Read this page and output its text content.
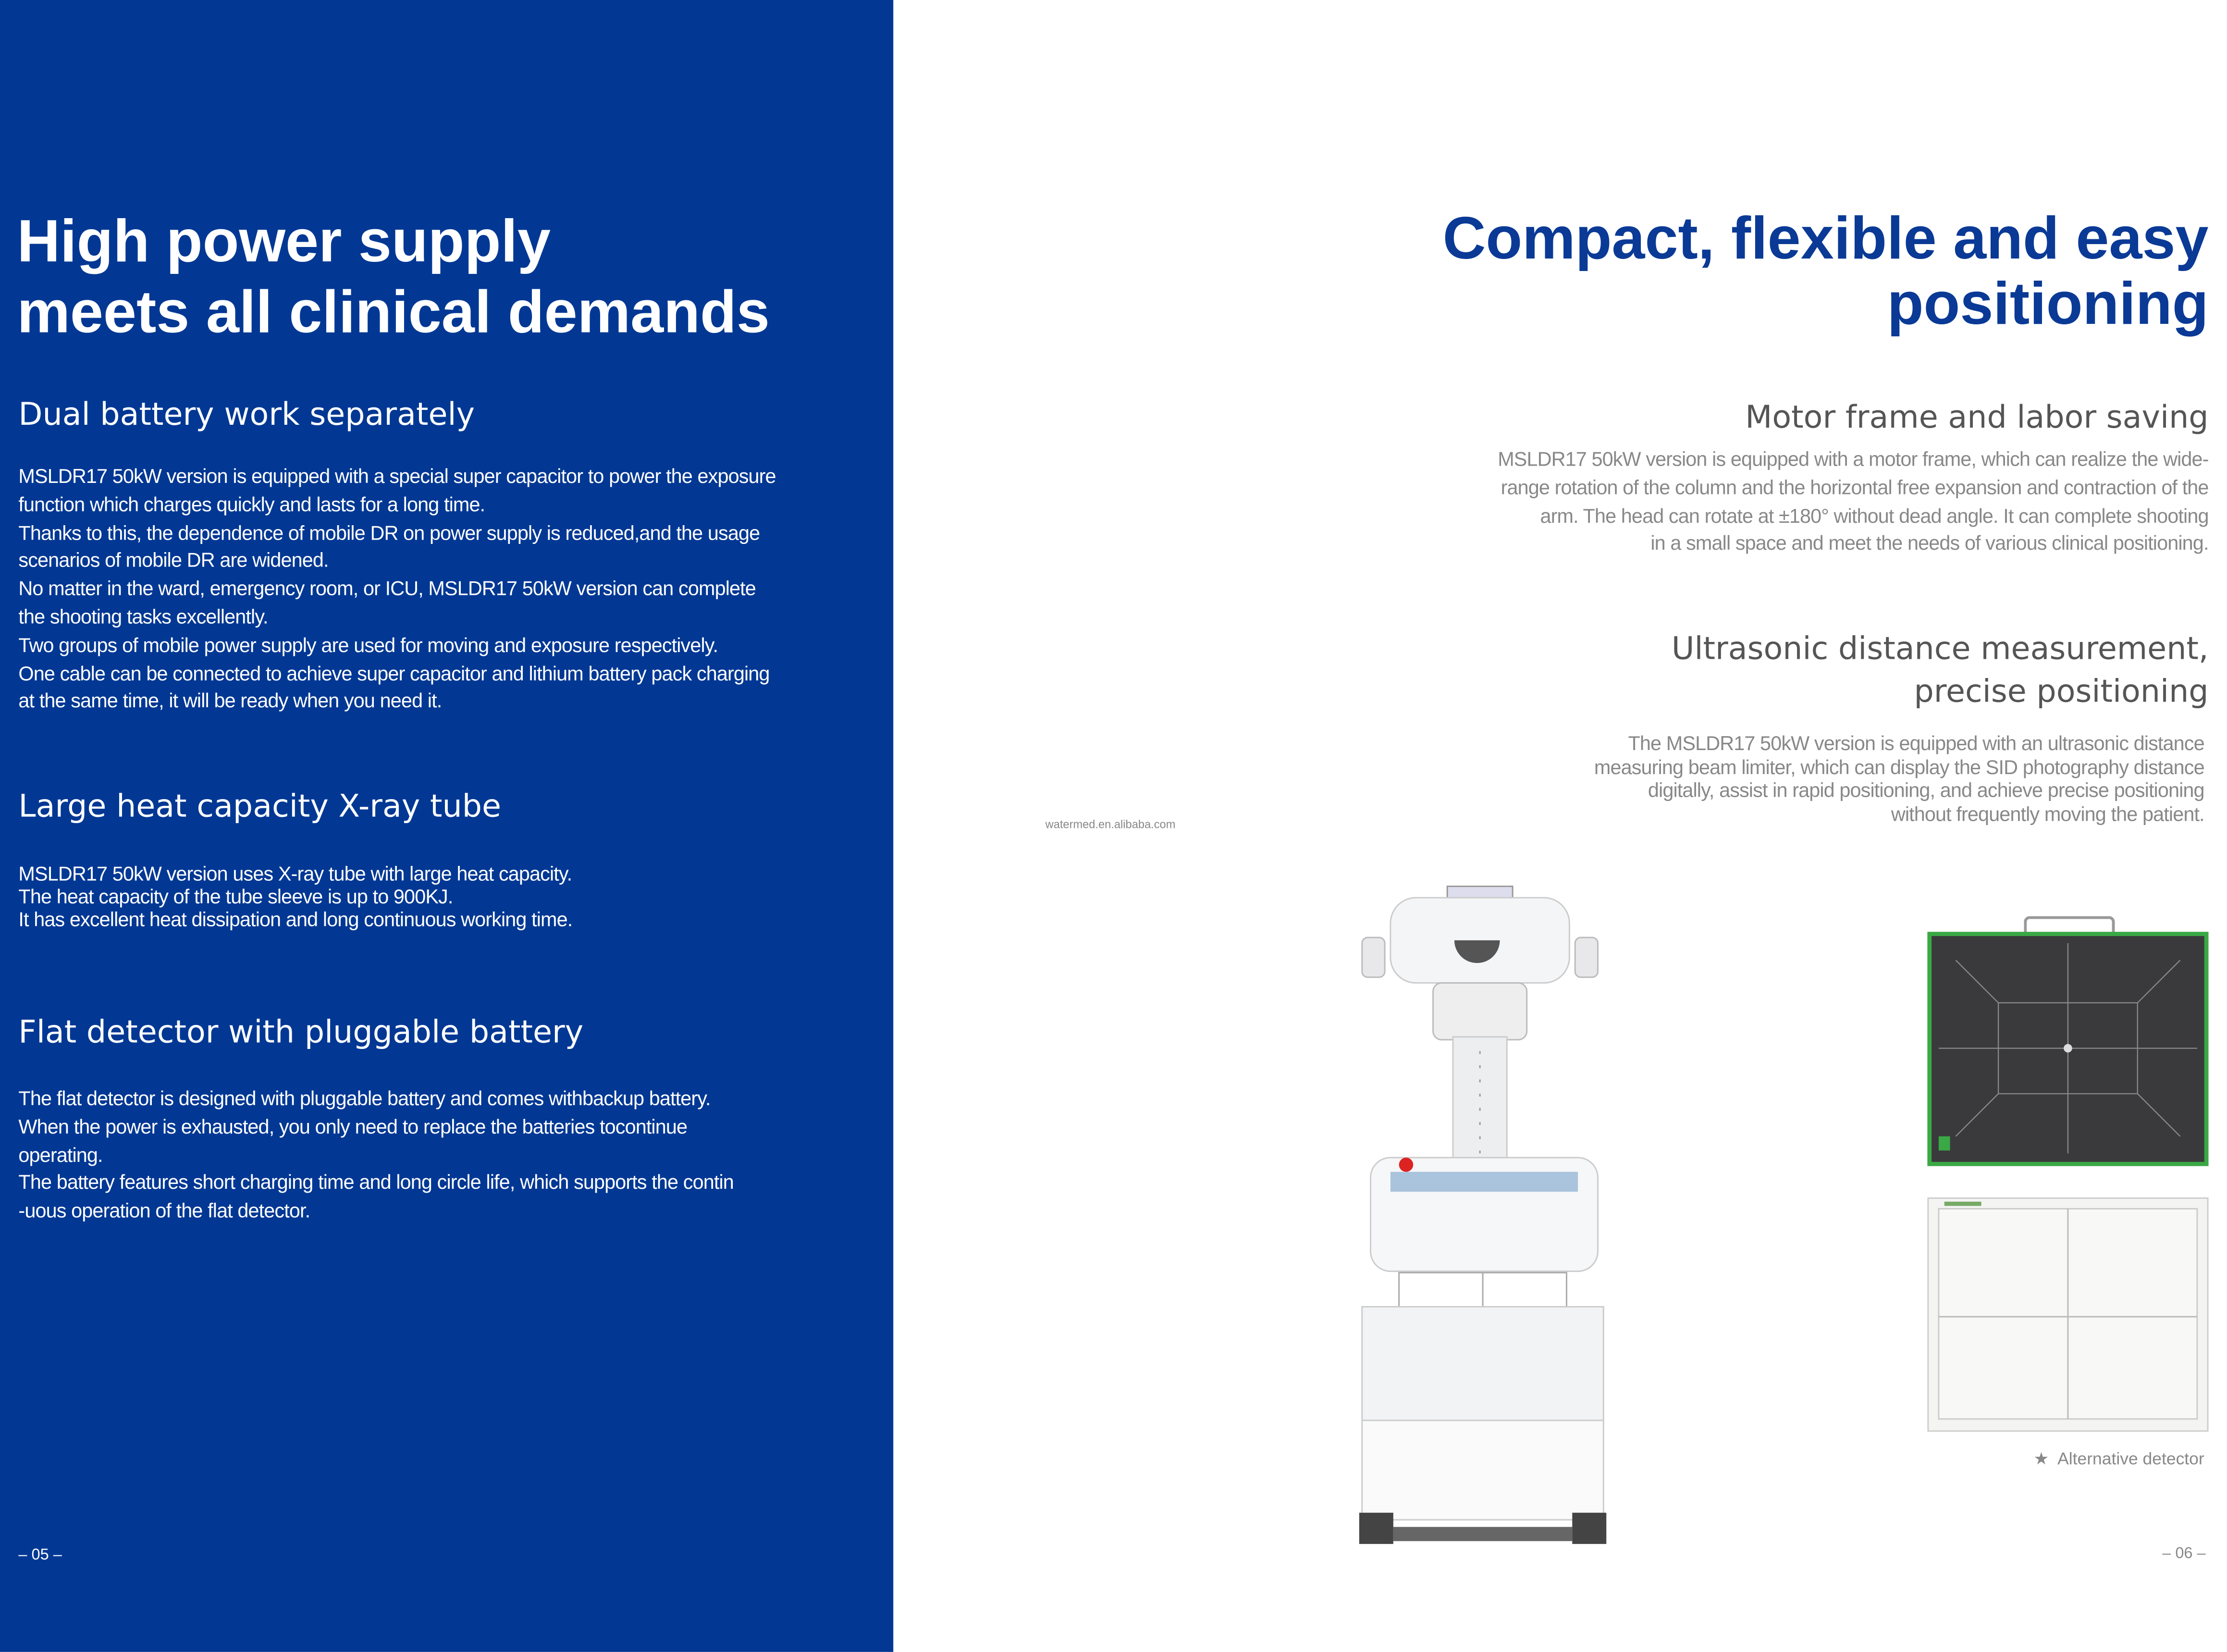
High power supply
meets all clinical demands
Dual battery work separately
MSLDR17 50kW version is equipped with a special super capacitor to power the exposure
function which charges quickly and lasts for a long time.
Thanks to this, the dependence of mobile DR on power supply is reduced,and the usage
scenarios of mobile DR are widened.
No matter in the ward, emergency room, or ICU, MSLDR17 50kW version can complete
the shooting tasks excellently.
Two groups of mobile power supply are used for moving and exposure respectively.
One cable can be connected to achieve super capacitor and lithium battery pack charging
at the same time, it will be ready when you need it.
Large heat capacity X-ray tube
MSLDR17 50kW version uses X-ray tube with large heat capacity.
The heat capacity of the tube sleeve is up to 900KJ.
It has excellent heat dissipation and long continuous working time.
Flat detector with pluggable battery
The flat detector is designed with pluggable battery and comes withbackup battery.
When the power is exhausted, you only need to replace the batteries tocontinue
operating.
The battery features short charging time and long circle life, which supports the contin
-uous operation of the flat detector.
– 05 –
Compact, flexible and easy
positioning
Motor frame and labor saving
MSLDR17 50kW version is equipped with a motor frame, which can realize the wide-
range rotation of the column and the horizontal free expansion and contraction of the
arm. The head can rotate at ±180° without dead angle. It can complete shooting
in a small space and meet the needs of various clinical positioning.
Ultrasonic distance measurement,
precise positioning
The MSLDR17 50kW version is equipped with an ultrasonic distance
measuring beam limiter, which can display the SID photography distance
digitally, assist in rapid positioning, and achieve precise positioning
without frequently moving the patient.
watermed.en.alibaba.com
★ Alternative detector
– 06 –
